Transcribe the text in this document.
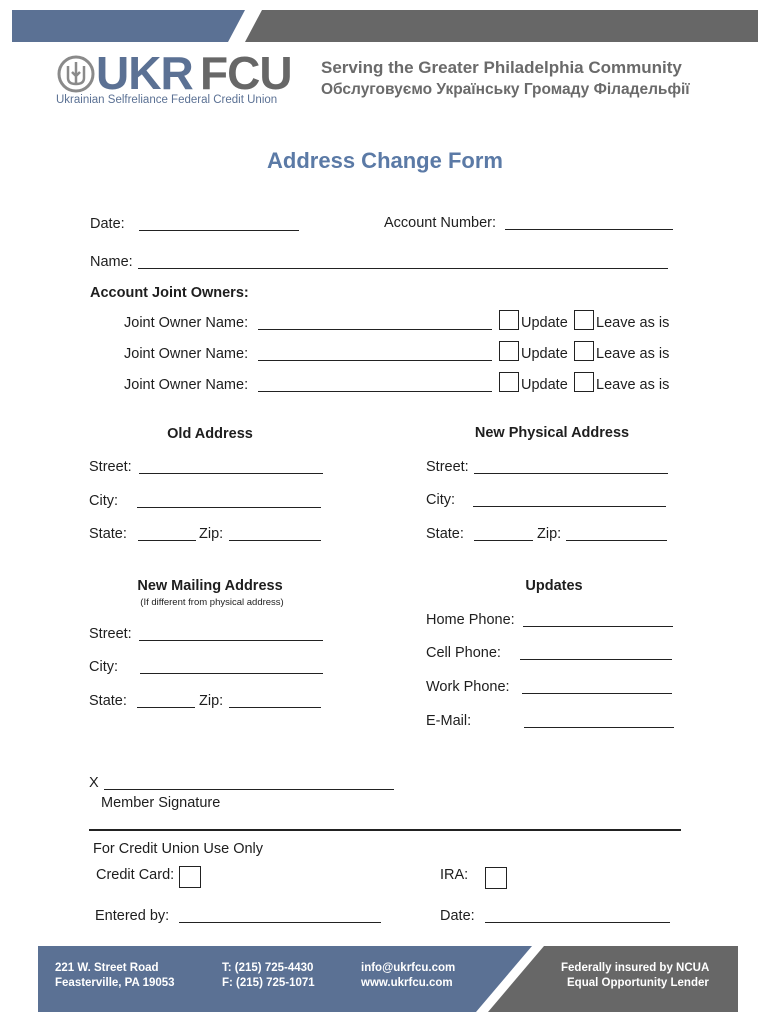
UKR FCU
Ukrainian Selfreliance Federal Credit Union
Serving the Greater Philadelphia Community
Обслуговуємо Українську Громаду Філадельфії
Address Change Form
Date:	Account Number:
Name:
Account Joint Owners:
Joint Owner Name:	Update Leave as is
Joint Owner Name:	Update Leave as is
Joint Owner Name:	Update Leave as is
Old Address
Street:
City:
State:	Zip:
New Physical Address
Street:
City:
State:	Zip:
New Mailing Address
(If different from physical address)
Street:
City:
State:	Zip:
Updates
Home Phone:
Cell Phone:
Work Phone:
E-Mail:
X
Member Signature
For Credit Union Use Only
Credit Card:	IRA:
Entered by:	Date:
221 W. Street Road
Feasterville, PA 19053
T: (215) 725-4430
F: (215) 725-1071
info@ukrfcu.com
www.ukrfcu.com
Federally insured by NCUA
Equal Opportunity Lender
